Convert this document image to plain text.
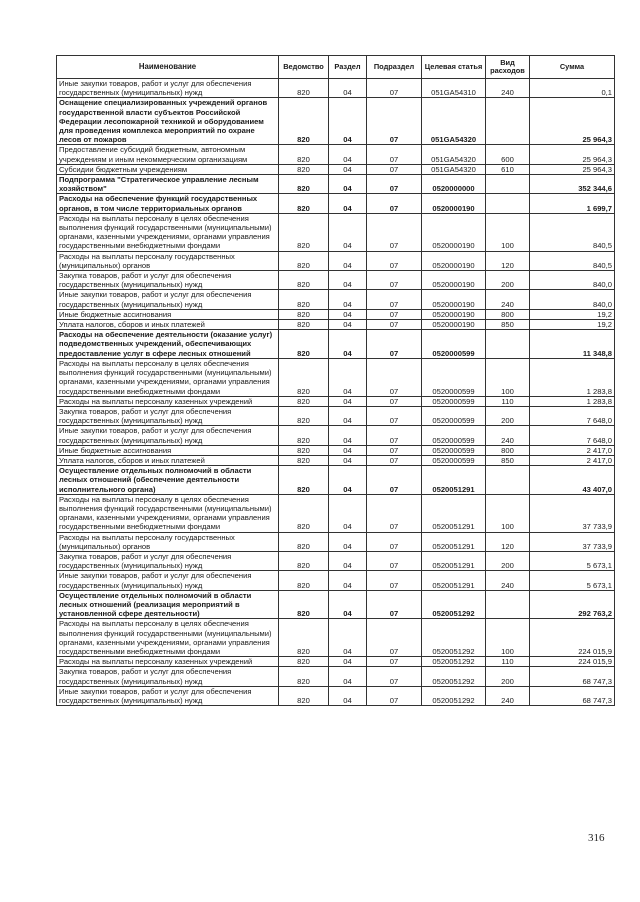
Наименование	Ведомство	Раздел	Подраздел	Целевая статья	Вид расходов	Сумма
Иные закупки товаров, работ и услуг для обеспечения государственных (муниципальных) нужд	820	04	07	051GA54310	240	0,1
Оснащение специализированных учреждений органов государственной власти субъектов Российской Федерации лесопожарной техникой и оборудованием для проведения комплекса мероприятий по охране лесов от пожаров	820	04	07	051GA54320		25 964,3
Предоставление субсидий бюджетным, автономным учреждениям и иным некоммерческим организациям	820	04	07	051GA54320	600	25 964,3
Субсидии бюджетным учреждениям	820	04	07	051GA54320	610	25 964,3
Подпрограмма "Стратегическое управление лесным хозяйством"	820	04	07	0520000000		352 344,6
Расходы на обеспечение функций государственных органов, в том числе территориальных органов	820	04	07	0520000190		1 699,7
Расходы на выплаты персоналу в целях обеспечения выполнения функций государственными (муниципальными) органами, казенными учреждениями, органами управления государственными внебюджетными фондами	820	04	07	0520000190	100	840,5
Расходы на выплаты персоналу государственных (муниципальных) органов	820	04	07	0520000190	120	840,5
Закупка товаров, работ и услуг для обеспечения государственных (муниципальных) нужд	820	04	07	0520000190	200	840,0
Иные закупки товаров, работ и услуг для обеспечения государственных (муниципальных) нужд	820	04	07	0520000190	240	840,0
Иные бюджетные ассигнования	820	04	07	0520000190	800	19,2
Уплата налогов, сборов и иных платежей	820	04	07	0520000190	850	19,2
Расходы на обеспечение деятельности (оказание услуг) подведомственных учреждений, обеспечивающих предоставление услуг в сфере лесных отношений	820	04	07	0520000599		11 348,8
Расходы на выплаты персоналу в целях обеспечения выполнения функций государственными (муниципальными) органами, казенными учреждениями, органами управления государственными внебюджетными фондами	820	04	07	0520000599	100	1 283,8
Расходы на выплаты персоналу казенных учреждений	820	04	07	0520000599	110	1 283,8
Закупка товаров, работ и услуг для обеспечения государственных (муниципальных) нужд	820	04	07	0520000599	200	7 648,0
Иные закупки товаров, работ и услуг для обеспечения государственных (муниципальных) нужд	820	04	07	0520000599	240	7 648,0
Иные бюджетные ассигнования	820	04	07	0520000599	800	2 417,0
Уплата налогов, сборов и иных платежей	820	04	07	0520000599	850	2 417,0
Осуществление отдельных полномочий в области лесных отношений (обеспечение деятельности исполнительного органа)	820	04	07	0520051291		43 407,0
Расходы на выплаты персоналу в целях обеспечения выполнения функций государственными (муниципальными) органами, казенными учреждениями, органами управления государственными внебюджетными фондами	820	04	07	0520051291	100	37 733,9
Расходы на выплаты персоналу государственных (муниципальных) органов	820	04	07	0520051291	120	37 733,9
Закупка товаров, работ и услуг для обеспечения государственных (муниципальных) нужд	820	04	07	0520051291	200	5 673,1
Иные закупки товаров, работ и услуг для обеспечения государственных (муниципальных) нужд	820	04	07	0520051291	240	5 673,1
Осуществление отдельных полномочий в области лесных отношений (реализация мероприятий в установленной сфере деятельности)	820	04	07	0520051292		292 763,2
Расходы на выплаты персоналу в целях обеспечения выполнения функций государственными (муниципальными) органами, казенными учреждениями, органами управления государственными внебюджетными фондами	820	04	07	0520051292	100	224 015,9
Расходы на выплаты персоналу казенных учреждений	820	04	07	0520051292	110	224 015,9
Закупка товаров, работ и услуг для обеспечения государственных (муниципальных) нужд	820	04	07	0520051292	200	68 747,3
Иные закупки товаров, работ и услуг для обеспечения государственных (муниципальных) нужд	820	04	07	0520051292	240	68 747,3
316
